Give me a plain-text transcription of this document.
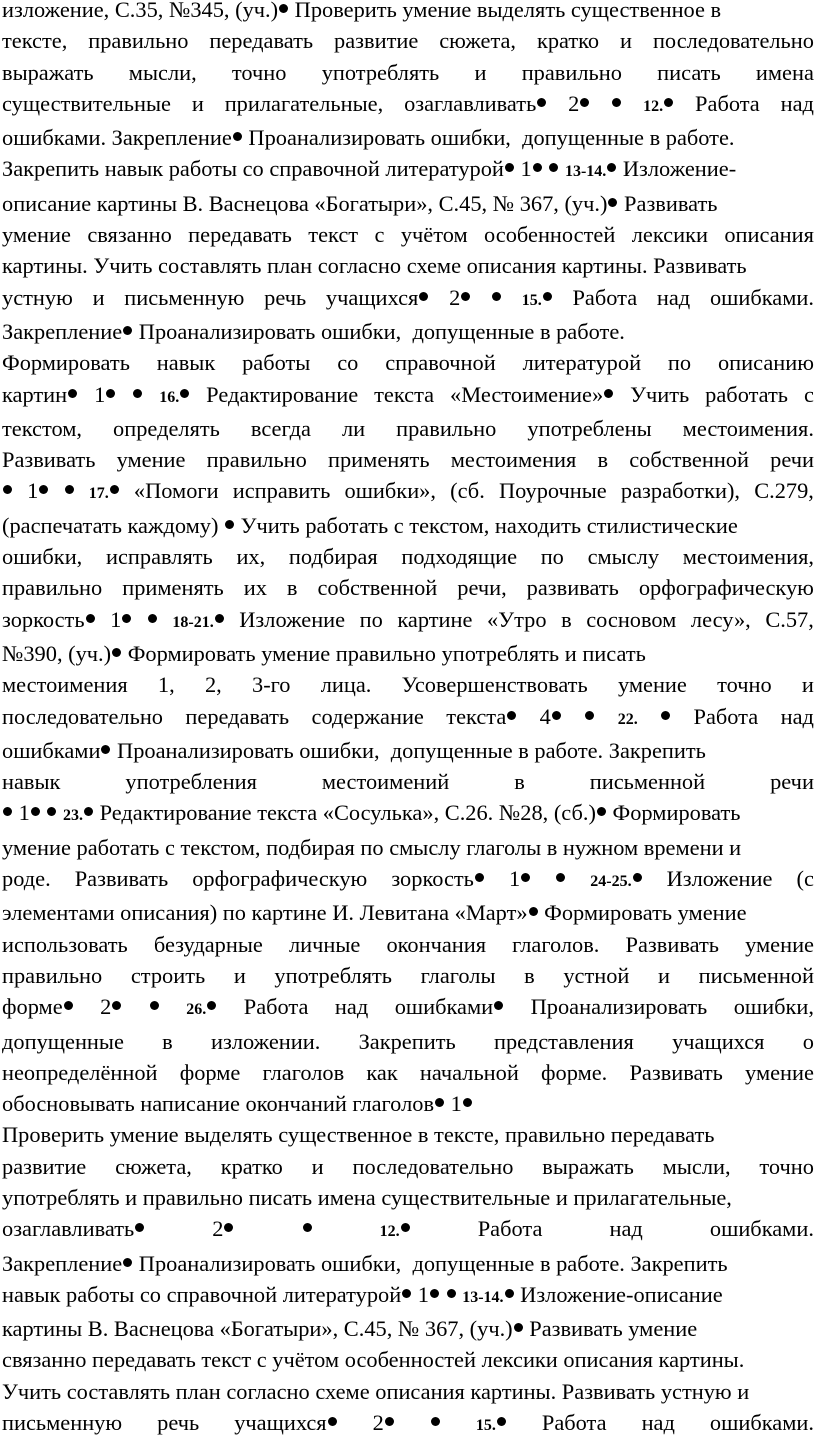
изложение, С.35, №345, (уч.) Проверить умение выделять существенное в
тексте, правильно передавать развитие сюжета, кратко и последовательно
выражать мысли, точно употреблять и правильно писать имена
существительные и прилагательные, озаглавливать	2	12.	Работа над
ошибками. Закрепление Проанализировать ошибки,  допущенные в работе.
Закрепить навык работы со справочной литературой 1 13-14. Изложение-
описание картины В. Васнецова «Богатыри», С.45, № 367, (уч.) Развивать
умение связанно передавать текст с учётом особенностей лексики описания
картины. Учить составлять план согласно схеме описания картины. Развивать
устную и письменную речь учащихся	2	15.	Работа над ошибками.
Закрепление Проанализировать ошибки,  допущенные в работе.
Формировать навык работы со справочной литературой по описанию
картин	1	16.	Редактирование текста «Местоимение»	Учить работать с
текстом, определять всегда ли правильно употреблены местоимения.
Развивать умение правильно применять местоимения в собственной речи
1	17.	«Помоги исправить ошибки», (сб. Поурочные разработки), С.279,
(распечатать каждому)  Учить работать с текстом, находить стилистические
ошибки, исправлять их, подбирая подходящие по смыслу местоимения,
правильно применять их в собственной речи, развивать орфографическую
зоркость	1	18-21.	Изложение по картине «Утро в сосновом лесу», С.57,
№390, (уч.) Формировать умение правильно употреблять и писать
местоимения 1, 2, 3-го лица. Усовершенствовать умение точно и
последовательно передавать содержание текста	4	22. Работа над
ошибками Проанализировать ошибки,  допущенные в работе. Закрепить
навык	употребления	местоимений	в	письменной	речи
1 23. Редактирование текста «Сосулька», С.26. №28, (сб.) Формировать
умение работать с текстом, подбирая по смыслу глаголы в нужном времени и
роде. Развивать орфографическую зоркость	1	24-25.	Изложение (с
элементами описания) по картине И. Левитана «Март» Формировать умение
использовать безударные личные окончания глаголов. Развивать умение
правильно строить и употреблять глаголы в устной и письменной
форме	2	26.	Работа над ошибками	Проанализировать ошибки,
допущенные в изложении. Закрепить представления учащихся о
неопределённой форме глаголов как начальной форме. Развивать умение
обосновывать написание окончаний глаголов 1
Проверить умение выделять существенное в тексте, правильно передавать
развитие сюжета, кратко и последовательно выражать мысли, точно
употреблять и правильно писать имена существительные и прилагательные,
озаглавливать	2	12.	Работа	над	ошибками.
Закрепление Проанализировать ошибки,  допущенные в работе. Закрепить
навык работы со справочной литературой 1 13-14. Изложение-описание
картины В. Васнецова «Богатыри», С.45, № 367, (уч.) Развивать умение
связанно передавать текст с учётом особенностей лексики описания картины.
Учить составлять план согласно схеме описания картины. Развивать устную и
письменную речь учащихся	2	15.	Работа над ошибками.
